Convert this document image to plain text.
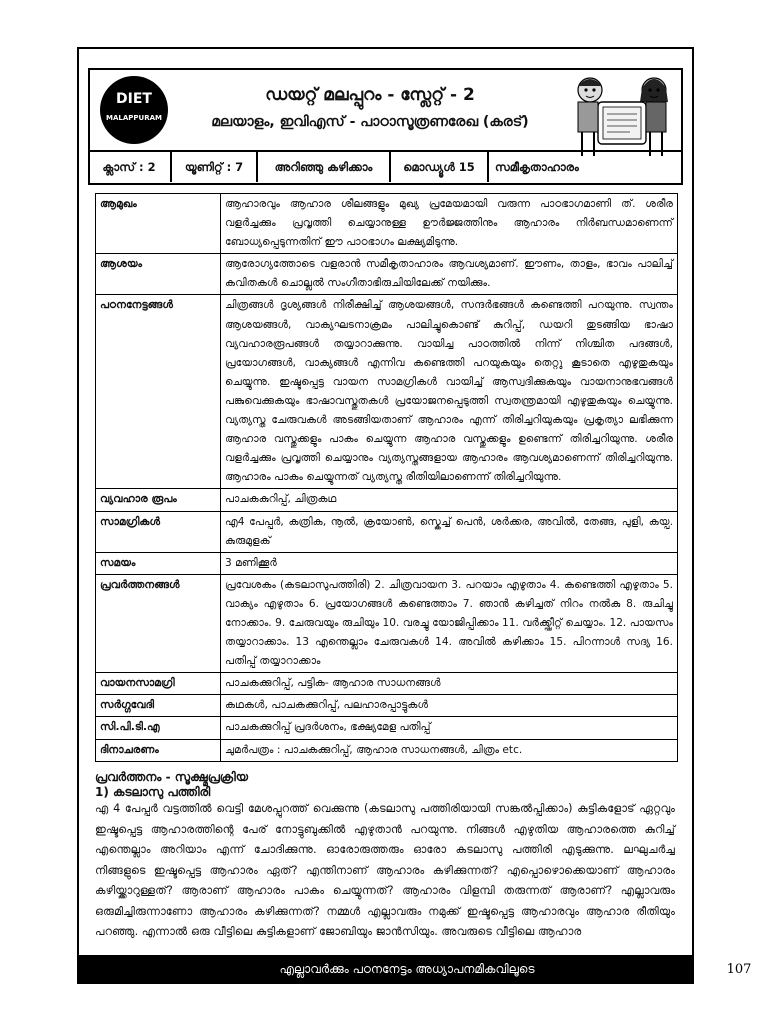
DIET
MALAPPURAM
ഡയറ്റ് മലപ്പുറം - സ്ലേറ്റ് - 2
മലയാളം, ഇവിഎസ് - പാഠാസൂത്രണരേഖ (കരട്)
ക്ലാസ് : 2	യൂണിറ്റ് : 7	അറിഞ്ഞു കഴിക്കാം	മൊഡ്യൂൾ 15	സമീകൃതാഹാരം
ആമുഖം	ആഹാരവും ആഹാര ശീലങ്ങളും മുഖ്യ പ്രമേയമായി വരുന്ന പാഠഭാഗമാണി ത്. ശരീര വളർച്ചക്കും പ്രവൃത്തി ചെയ്യാനുള്ള ഊർജ്ജത്തിനും ആഹാരം നിർബന്ധമാണെന്ന് ബോധ്യപ്പെടുന്നതിന് ഈ പാഠഭാഗം ലക്ഷ്യമിടുന്നു.
ആശയം	ആരോഗ്യത്തോടെ വളരാൻ സമീകൃതാഹാരം ആവശ്യമാണ്. ഈണം, താളം, ഭാവം പാലിച്ച് കവിതകൾ ചൊല്ലൽ സംഗീതാഭിരുചിയിലേക്ക് നയിക്കും.
പഠനനേട്ടങ്ങൾ	ചിത്രങ്ങൾ ദൃശ്യങ്ങൾ നിരീക്ഷിച്ച് ആശയങ്ങൾ, സന്ദർഭങ്ങൾ കണ്ടെത്തി പറയുന്നു. സ്വന്തം ആശയങ്ങൾ, വാക്യഘടനാക്രമം പാലിച്ചുകൊണ്ട് കുറിപ്പ്, ഡയറി തുടങ്ങിയ ഭാഷാ വ്യവഹാരരൂപങ്ങൾ തയ്യാറാക്കുന്നു. വായിച്ച പാഠത്തിൽ നിന്ന് നിശ്ചിത പദങ്ങൾ, പ്രയോഗങ്ങൾ, വാക്യങ്ങൾ എന്നിവ കണ്ടെത്തി പറയുകയും തെറ്റു കൂടാതെ എഴുതുകയും ചെയ്യുന്നു. ഇഷ്ടപ്പെട്ട വായന സാമഗ്രികൾ വായിച്ച് ആസ്വദിക്കുകയും വായനാനുഭവങ്ങൾ പങ്കുവെക്കുകയും ഭാഷാവസ്തുതകൾ പ്രയോജനപ്പെടുത്തി സ്വതന്ത്രമായി എഴുതുകയും ചെയ്യുന്നു. വ്യത്യസ്ത ചേരുവകൾ അടങ്ങിയതാണ് ആഹാരം എന്ന് തിരിച്ചറിയുകയും പ്രകൃത്യാ ലഭിക്കുന്ന ആഹാര വസ്തുക്കളും പാകം ചെയ്യുന്ന ആഹാര വസ്തുക്കളും ഉണ്ടെന്ന് തിരിച്ചറിയുന്നു. ശരീര വളർച്ചക്കും പ്രവൃത്തി ചെയ്യാനും വ്യത്യസ്തങ്ങളായ ആഹാരം ആവശ്യമാണെന്ന് തിരിച്ചറിയുന്നു. ആഹാരം പാകം ചെയ്യുന്നത് വ്യത്യസ്ത രീതിയിലാണെന്ന് തിരിച്ചറിയുന്നു.
വ്യവഹാര രൂപം	പാചകകുറിപ്പ്, ചിത്രകഥ
സാമഗ്രികൾ	എ4 പേപ്പർ, കത്രിക, നൂൽ, ക്രയോൺ, സ്കെച്ച് പെൻ, ശർക്കര, അവിൽ, തേങ്ങ, പുളി, കയ്പ. കുരുമുളക്
സമയം	3 മണിക്കൂർ
പ്രവർത്തനങ്ങൾ	പ്രവേശകം (കടലാസുപത്തിരി) 2. ചിത്രവായന 3. പറയാം എഴുതാം 4. കണ്ടെത്തി എഴുതാം 5. വാക്യം എഴുതാം 6. പ്രയോഗങ്ങൾ കണ്ടെത്താം 7. ഞാൻ കഴിച്ചത് നിറം നൽകു 8. രുചിച്ചു നോക്കാം. 9. ചേരുവയും രുചിയും 10. വരച്ചു യോജിപ്പിക്കാം 11. വർക്ക്ഷീറ്റ് ചെയ്യാം. 12. പായസം തയ്യാറാക്കാം. 13 എന്തെല്ലാം ചേരുവകൾ 14. അവിൽ കഴിക്കാം 15. പിറന്നാൾ സദ്യ 16. പതിപ്പ് തയ്യാറാക്കാം
വായനസാമഗ്രി	പാചകക്കുറിപ്പ്, പട്ടിക- ആഹാര സാധനങ്ങൾ
സർഗ്ഗവേദി	കഥകൾ, പാചകക്കുറിപ്പ്, പലഹാരപ്പാട്ടുകൾ
സി.പി.ടി.എ	പാചകക്കുറിപ്പ് പ്രദർശനം, ഭക്ഷ്യമേള പതിപ്പ്
ദിനാചരണം	ചുമർപത്രം : പാചകക്കുറിപ്പ്, ആഹാര സാധനങ്ങൾ, ചിത്രം etc.
പ്രവർത്തനം - സൂക്ഷ്മപ്രക്രിയ
1) കടലാസു പത്തിരി
എ 4 പേപ്പർ വട്ടത്തിൽ വെട്ടി മേശപ്പുറത്ത് വെക്കുന്നു (കടലാസു പത്തിരിയായി സങ്കൽപ്പിക്കാം) കുട്ടികളോട് ഏറ്റവും ഇഷ്ടപ്പെട്ട ആഹാരത്തിന്റെ പേര് നോട്ടുബുക്കിൽ എഴുതാൻ പറയുന്നു. നിങ്ങൾ എഴുതിയ ആഹാരത്തെ കുറിച്ച് എന്തെല്ലാം അറിയാം എന്ന് ചോദിക്കുന്നു. ഓരോരുത്തരും ഓരോ കടലാസു പത്തിരി എടുക്കുന്നു. ലഘുചർച്ച നിങ്ങളുടെ ഇഷ്ടപ്പെട്ട ആഹാരം ഏത്? എന്തിനാണ് ആഹാരം കഴിക്കുന്നത്? എപ്പൊഴൊക്കെയാണ് ആഹാരം കഴിയ്ക്കാറുള്ളത്? ആരാണ് ആഹാരം പാകം ചെയ്യുന്നത്? ആഹാരം വിളമ്പി തരുന്നത് ആരാണ്? എല്ലാവരും ഒരുമിച്ചിരുന്നാണോ ആഹാരം കഴിക്കുന്നത്? നമ്മൾ എല്ലാവരും നമുക്ക് ഇഷ്ടപ്പെട്ട ആഹാരവും ആഹാര രീതിയും പറഞ്ഞു. എന്നാൽ ഒരു വീട്ടിലെ കുട്ടികളാണ് ജോബിയും ജാൻസിയും. അവരുടെ വീട്ടിലെ ആഹാര
എല്ലാവർക്കും പഠനനേട്ടം അധ്യാപനമികവിലൂടെ	107
